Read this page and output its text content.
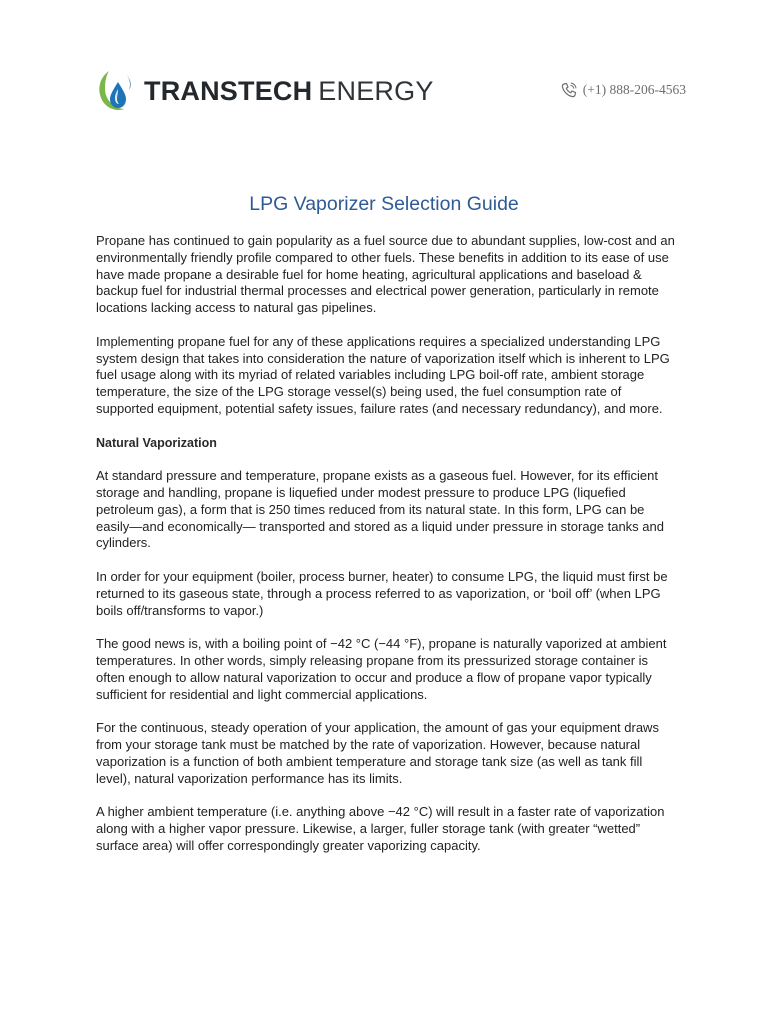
TRANSTECH ENERGY	(+1) 888-206-4563
LPG Vaporizer Selection Guide

Propane has continued to gain popularity as a fuel source due to abundant supplies, low-cost and an environmentally friendly profile compared to other fuels. These benefits in addition to its ease of use have made propane a desirable fuel for home heating, agricultural applications and baseload & backup fuel for industrial thermal processes and electrical power generation, particularly in remote locations lacking access to natural gas pipelines.

Implementing propane fuel for any of these applications requires a specialized understanding LPG system design that takes into consideration the nature of vaporization itself which is inherent to LPG fuel usage along with its myriad of related variables including LPG boil-off rate, ambient storage temperature, the size of the LPG storage vessel(s) being used, the fuel consumption rate of supported equipment, potential safety issues, failure rates (and necessary redundancy), and more.

Natural Vaporization

At standard pressure and temperature, propane exists as a gaseous fuel. However, for its efficient storage and handling, propane is liquefied under modest pressure to produce LPG (liquefied petroleum gas), a form that is 250 times reduced from its natural state. In this form, LPG can be easily—and economically— transported and stored as a liquid under pressure in storage tanks and cylinders.

In order for your equipment (boiler, process burner, heater) to consume LPG, the liquid must first be returned to its gaseous state, through a process referred to as vaporization, or ‘boil off’ (when LPG boils off/transforms to vapor.)

The good news is, with a boiling point of −42 °C (−44 °F), propane is naturally vaporized at ambient temperatures. In other words, simply releasing propane from its pressurized storage container is often enough to allow natural vaporization to occur and produce a flow of propane vapor typically sufficient for residential and light commercial applications.

For the continuous, steady operation of your application, the amount of gas your equipment draws from your storage tank must be matched by the rate of vaporization. However, because natural vaporization is a function of both ambient temperature and storage tank size (as well as tank fill level), natural vaporization performance has its limits.

A higher ambient temperature (i.e. anything above −42 °C) will result in a faster rate of vaporization along with a higher vapor pressure. Likewise, a larger, fuller storage tank (with greater “wetted” surface area) will offer correspondingly greater vaporizing capacity.
